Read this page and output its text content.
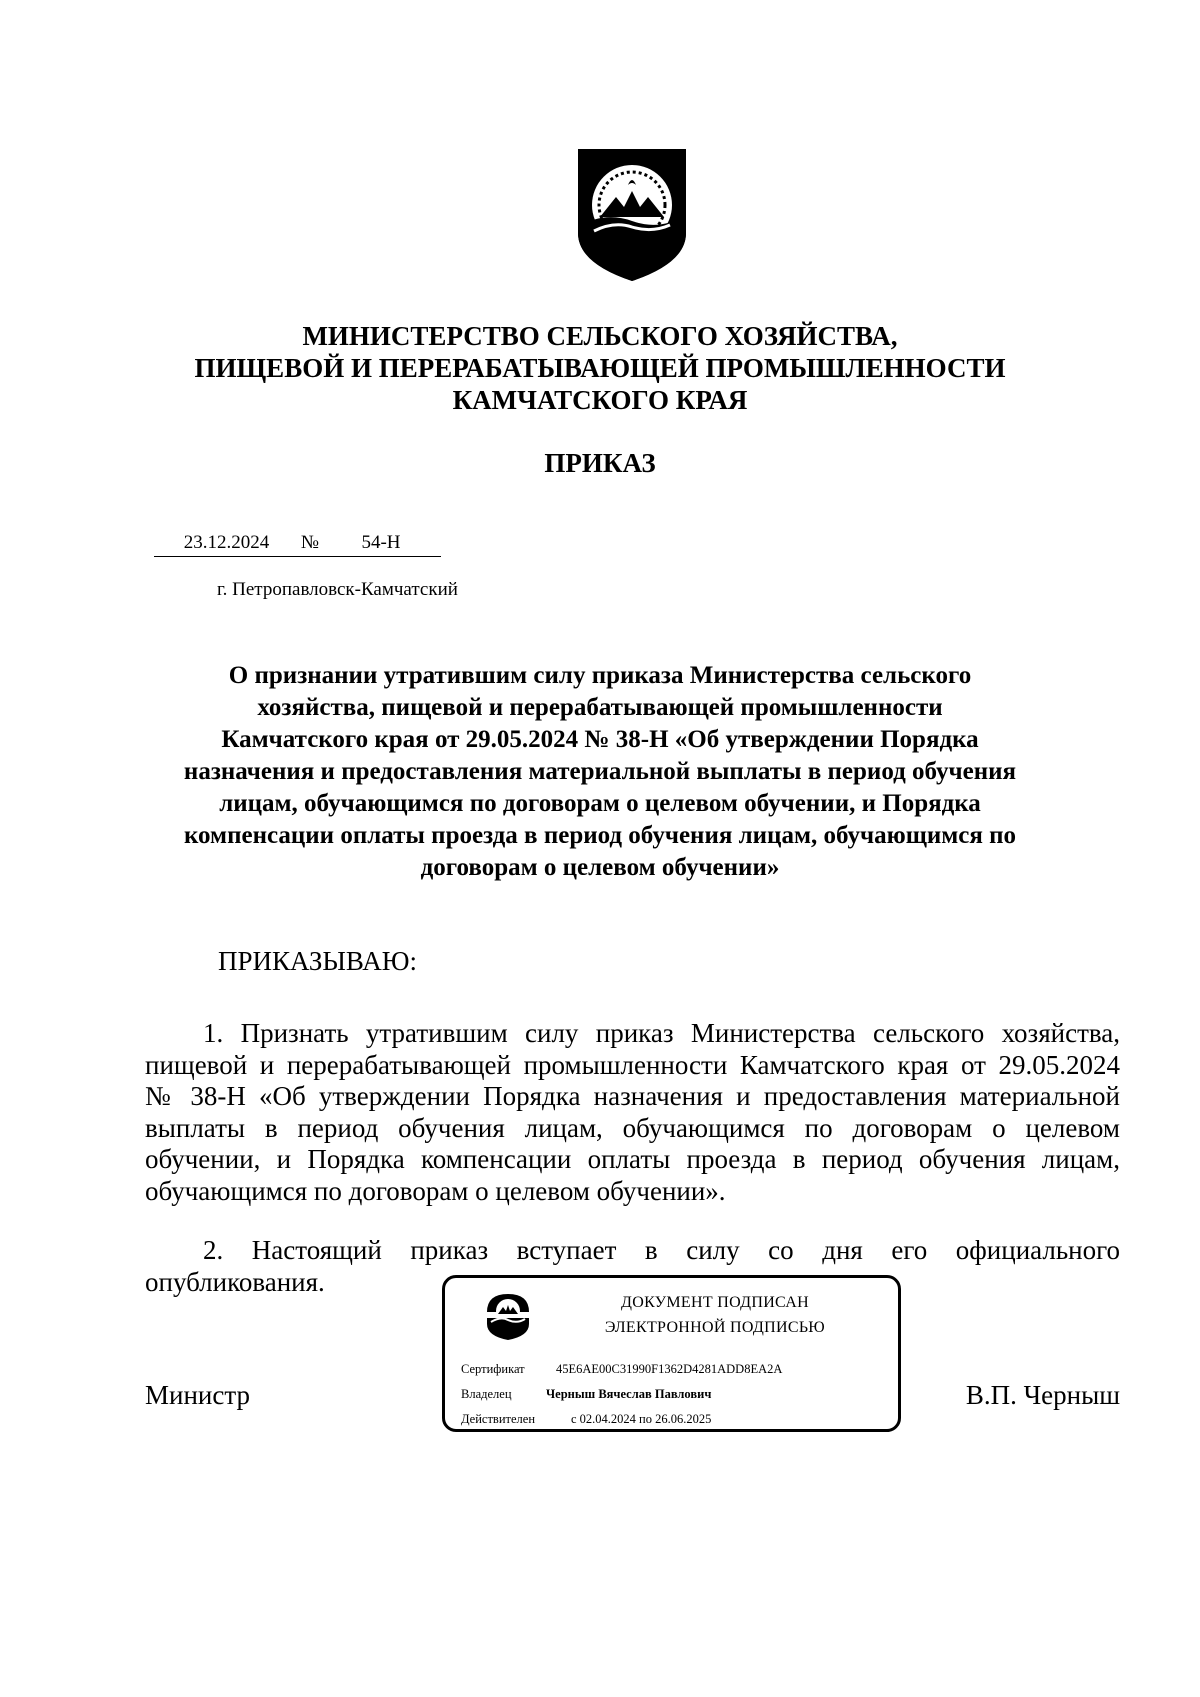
МИНИСТЕРСТВО СЕЛЬСКОГО ХОЗЯЙСТВА,
ПИЩЕВОЙ И ПЕРЕРАБАТЫВАЮЩЕЙ ПРОМЫШЛЕННОСТИ
КАМЧАТСКОГО КРАЯ
ПРИКАЗ
23.12.2024 № 54-Н
г. Петропавловск-Камчатский
О признании утратившим силу приказа Министерства сельского
хозяйства, пищевой и перерабатывающей промышленности
Камчатского края от 29.05.2024 № 38-Н «Об утверждении Порядка
назначения и предоставления материальной выплаты в период обучения
лицам, обучающимся по договорам о целевом обучении, и Порядка
компенсации оплаты проезда в период обучения лицам, обучающимся по
договорам о целевом обучении»
ПРИКАЗЫВАЮ:
1. Признать утратившим силу приказ Министерства сельского хозяйства,
пищевой и перерабатывающей промышленности Камчатского края от 29.05.2024
№ 38-Н «Об утверждении Порядка назначения и предоставления материальной
выплаты в период обучения лицам, обучающимся по договорам о целевом
обучении, и Порядка компенсации оплаты проезда в период обучения лицам,
обучающимся по договорам о целевом обучении».
2. Настоящий приказ вступает в силу со дня его официального
опубликования.
Министр	В.П. Черныш
ДОКУМЕНТ ПОДПИСАН
ЭЛЕКТРОННОЙ ПОДПИСЬЮ
Сертификат	45E6AE00C31990F1362D4281ADD8EA2A
Владелец	Черныш Вячеслав Павлович
Действителен	с 02.04.2024 по 26.06.2025
